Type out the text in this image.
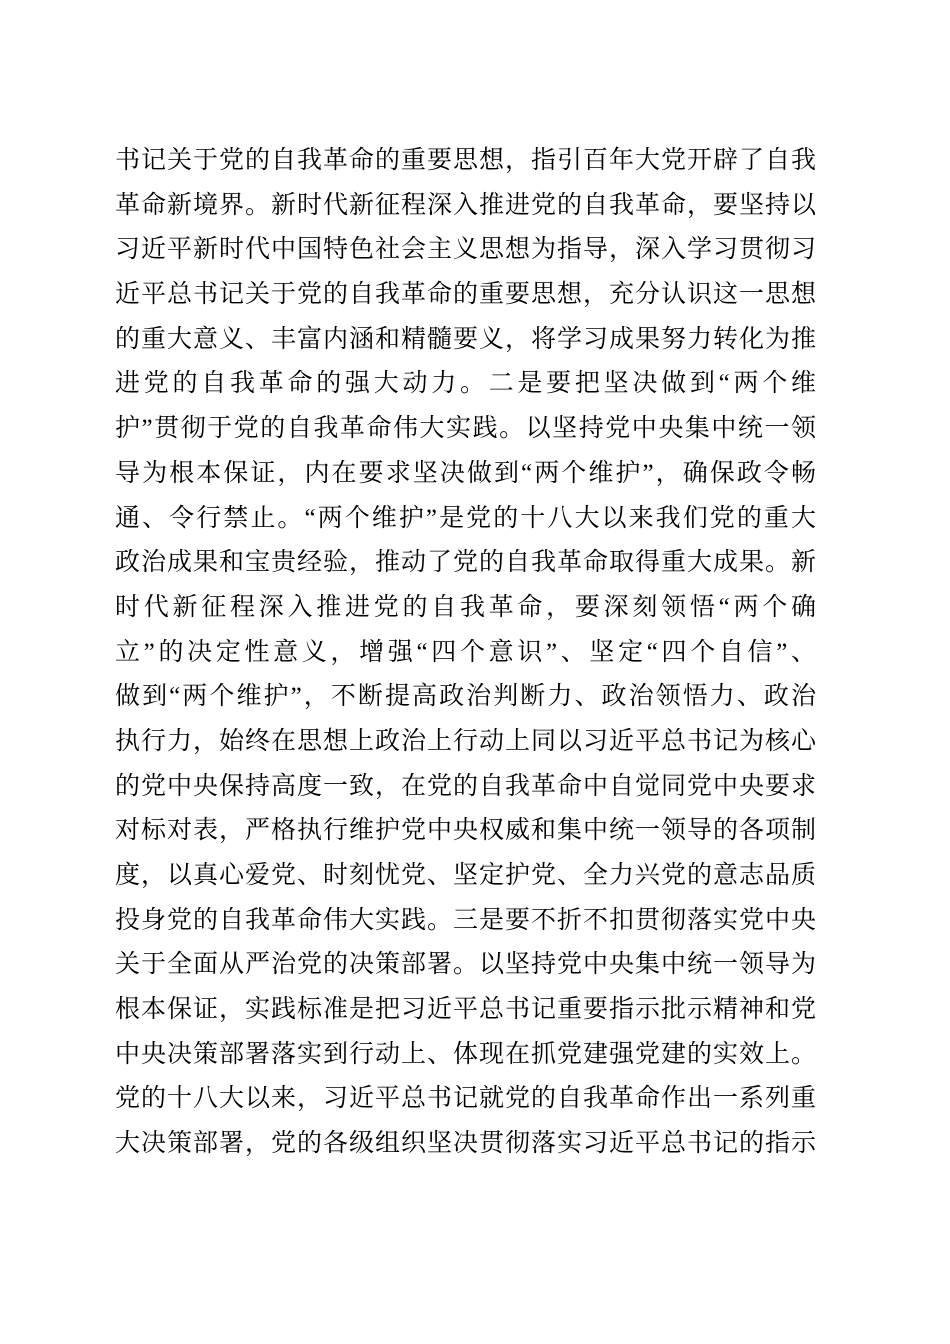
书记关于党的自我革命的重要思想，指引百年大党开辟了自我
革命新境界。新时代新征程深入推进党的自我革命，要坚持以
习近平新时代中国特色社会主义思想为指导，深入学习贯彻习
近平总书记关于党的自我革命的重要思想，充分认识这一思想
的重大意义、丰富内涵和精髓要义，将学习成果努力转化为推
进党的自我革命的强大动力。二是要把坚决做到“两个维
护”贯彻于党的自我革命伟大实践。以坚持党中央集中统一领
导为根本保证，内在要求坚决做到“两个维护”，确保政令畅
通、令行禁止。“两个维护”是党的十八大以来我们党的重大
政治成果和宝贵经验，推动了党的自我革命取得重大成果。新
时代新征程深入推进党的自我革命，要深刻领悟“两个确
立”的决定性意义，增强“四个意识”、坚定“四个自信”、
做到“两个维护”，不断提高政治判断力、政治领悟力、政治
执行力，始终在思想上政治上行动上同以习近平总书记为核心
的党中央保持高度一致，在党的自我革命中自觉同党中央要求
对标对表，严格执行维护党中央权威和集中统一领导的各项制
度，以真心爱党、时刻忧党、坚定护党、全力兴党的意志品质
投身党的自我革命伟大实践。三是要不折不扣贯彻落实党中央
关于全面从严治党的决策部署。以坚持党中央集中统一领导为
根本保证，实践标准是把习近平总书记重要指示批示精神和党
中央决策部署落实到行动上、体现在抓党建强党建的实效上。
党的十八大以来，习近平总书记就党的自我革命作出一系列重
大决策部署，党的各级组织坚决贯彻落实习近平总书记的指示
